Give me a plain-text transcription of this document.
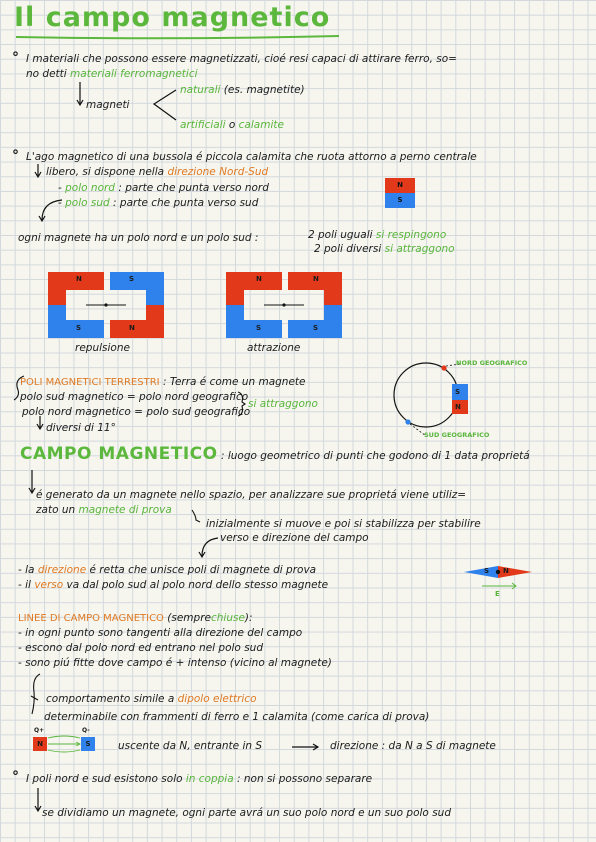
Il campo magnetico
° I materiali che possono essere magnetizzati, cioé resi capaci di attirare ferro, so=
no detti materiali ferromagnetici
magneti
naturali (es. magnetite)
artificiali o calamite
° L'ago magnetico di una bussola é piccola calamita che ruota attorno a perno centrale
libero, si dispone nella direzione Nord-Sud
- polo nord : parte che punta verso nord
- polo sud : parte che punta verso sud
N
S
ogni magnete ha un polo nord e un polo sud :	2 poli uguali si respingono
2 poli diversi si attraggono
N	S
S	N
repulsione
N	N
S	S
attrazione
POLI MAGNETICI TERRESTRI : Terra é come un magnete
polo sud magnetico = polo nord geografico
polo nord magnetico = polo sud geografico
si attraggono
diversi di 11°
NORD GEOGRAFICO
SUD GEOGRAFICO
S
N
CAMPO MAGNETICO : luogo geometrico di punti che godono di 1 data proprietá
é generato da un magnete nello spazio, per analizzare sue proprietá viene utiliz=
zato un magnete di prova
inizialmente si muove e poi si stabilizza per stabilire
verso e direzione del campo
- la direzione é retta che unisce poli di magnete di prova
- il verso va dal polo sud al polo nord dello stesso magnete
S N
E
LINEE DI CAMPO MAGNETICO (semprechiuse):
- in ogni punto sono tangenti alla direzione del campo
- escono dal polo nord ed entrano nel polo sud
- sono piú fitte dove campo é + intenso (vicino al magnete)
comportamento simile a dipolo elettrico
determinabile con frammenti di ferro e 1 calamita (come carica di prova)
Q+	Q-
N	S	uscente da N, entrante in S	direzione : da N a S di magnete
° I poli nord e sud esistono solo in coppia : non si possono separare
se dividiamo un magnete, ogni parte avrá un suo polo nord e un suo polo sud
